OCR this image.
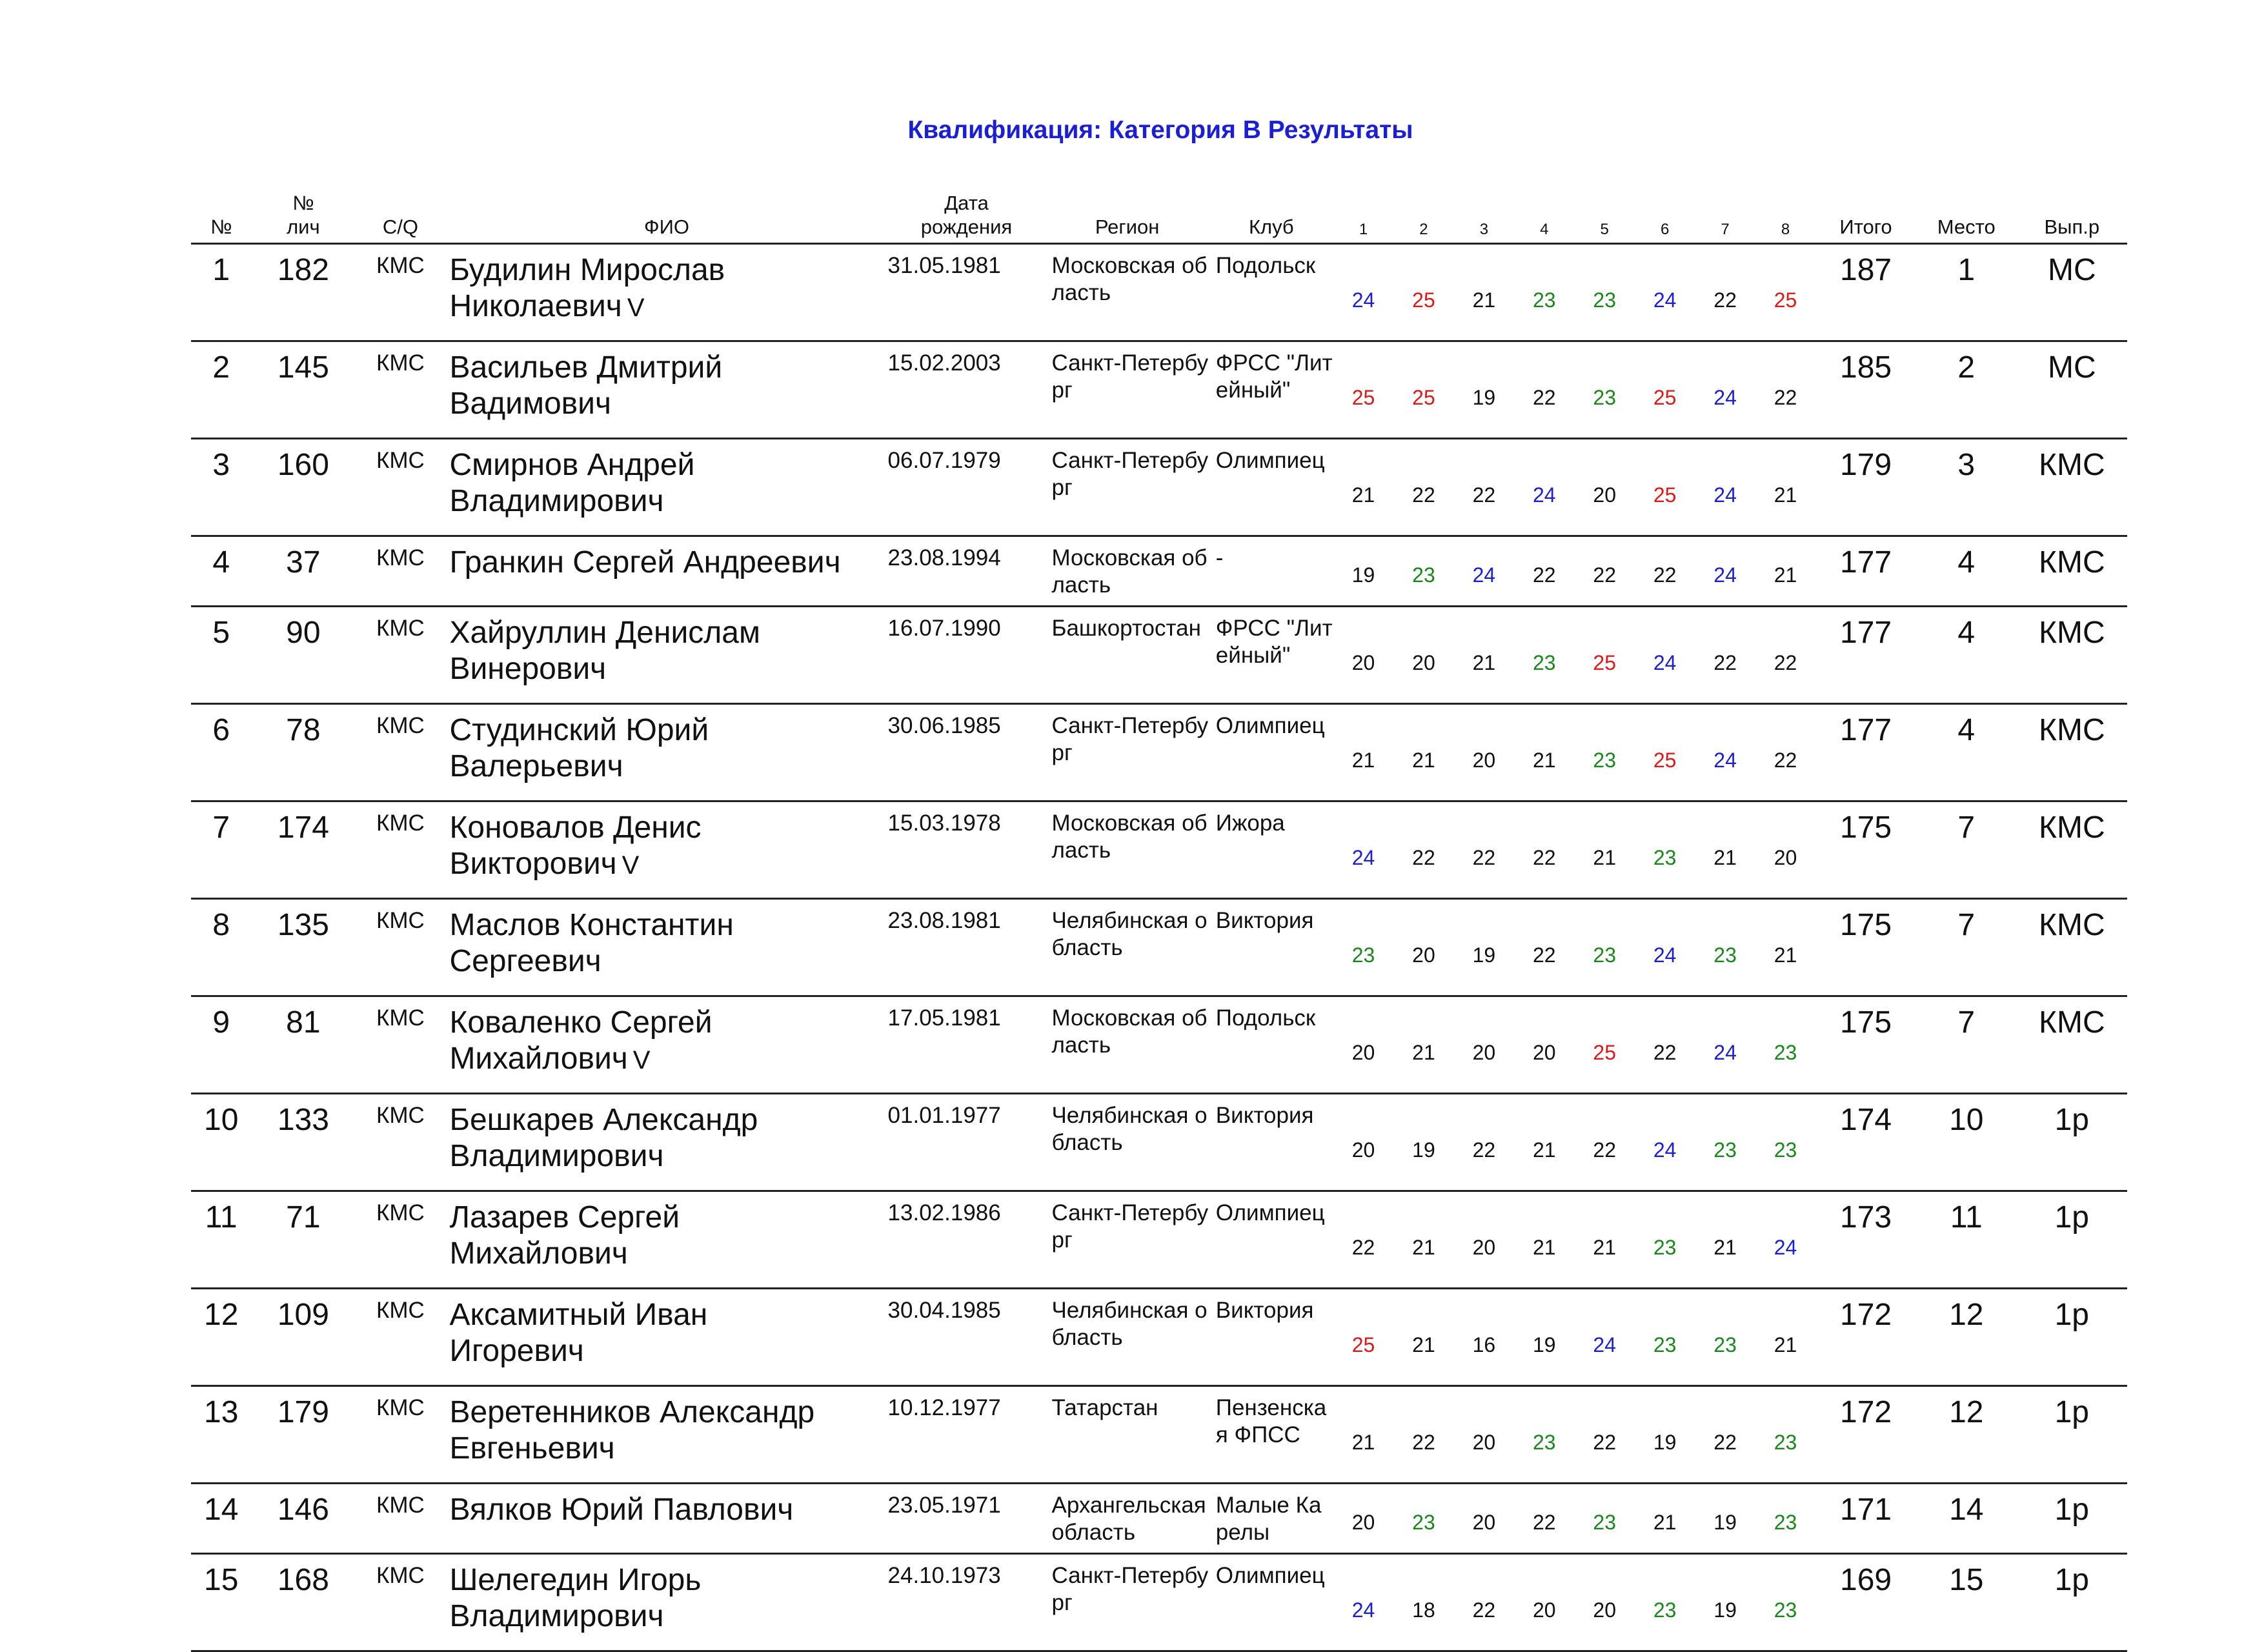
Квалификация: Категория B Результаты
№	№
лич	C/Q	ФИО	Дата
рождения	Регион	Клуб	1	2	3	4	5	6	7	8	Итого	Место	Вып.р
1	182	КМС	Будилин Мирослав
Николаевич V	31.05.1981	Московская область	Подольск	24	25	21	23	23	24	22	25	187	1	МС
2	145	КМС	Васильев Дмитрий
Вадимович	15.02.2003	Санкт-Петербург	ФРСС "Литейный"	25	25	19	22	23	25	24	22	185	2	МС
3	160	КМС	Смирнов Андрей
Владимирович	06.07.1979	Санкт-Петербург	Олимпиец	21	22	22	24	20	25	24	21	179	3	КМС
4	37	КМС	Гранкин Сергей Андреевич	23.08.1994	Московская область	-	19	23	24	22	22	22	24	21	177	4	КМС
5	90	КМС	Хайруллин Денислам
Винерович	16.07.1990	Башкортостан	ФРСС "Литейный"	20	20	21	23	25	24	22	22	177	4	КМС
6	78	КМС	Студинский Юрий
Валерьевич	30.06.1985	Санкт-Петербург	Олимпиец	21	21	20	21	23	25	24	22	177	4	КМС
7	174	КМС	Коновалов Денис
Викторович V	15.03.1978	Московская область	Ижора	24	22	22	22	21	23	21	20	175	7	КМС
8	135	КМС	Маслов Константин
Сергеевич	23.08.1981	Челябинская область	Виктория	23	20	19	22	23	24	23	21	175	7	КМС
9	81	КМС	Коваленко Сергей
Михайлович V	17.05.1981	Московская область	Подольск	20	21	20	20	25	22	24	23	175	7	КМС
10	133	КМС	Бешкарев Александр
Владимирович	01.01.1977	Челябинская область	Виктория	20	19	22	21	22	24	23	23	174	10	1р
11	71	КМС	Лазарев Сергей
Михайлович	13.02.1986	Санкт-Петербург	Олимпиец	22	21	20	21	21	23	21	24	173	11	1р
12	109	КМС	Аксамитный Иван
Игоревич	30.04.1985	Челябинская область	Виктория	25	21	16	19	24	23	23	21	172	12	1р
13	179	КМС	Веретенников Александр
Евгеньевич	10.12.1977	Татарстан	Пензенская ФПСС	21	22	20	23	22	19	22	23	172	12	1р
14	146	КМС	Вялков Юрий Павлович	23.05.1971	Архангельская область	Малые Карелы	20	23	20	22	23	21	19	23	171	14	1р
15	168	КМС	Шелегедин Игорь
Владимирович	24.10.1973	Санкт-Петербург	Олимпиец	24	18	22	20	20	23	19	23	169	15	1р
